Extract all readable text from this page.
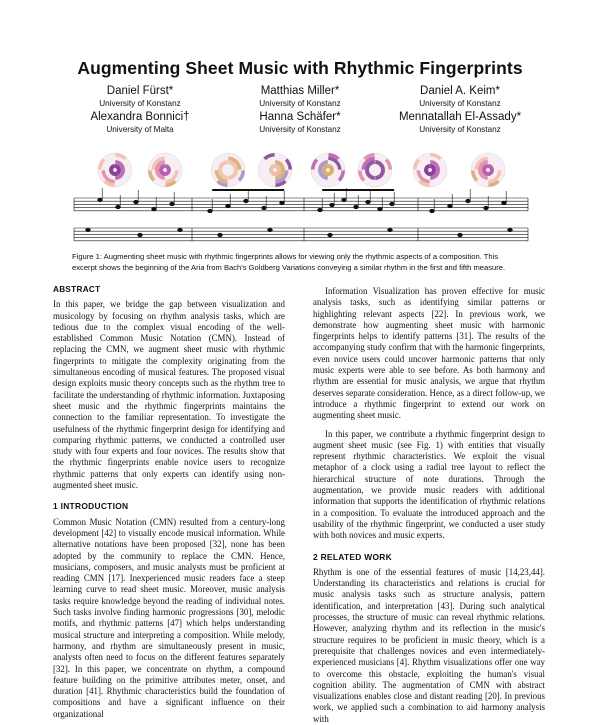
Augmenting Sheet Music with Rhythmic Fingerprints
Daniel Fürst*
University of Konstanz
Matthias Miller*
University of Konstanz
Daniel A. Keim*
University of Konstanz
Alexandra Bonnici†
University of Malta
Hanna Schäfer*
University of Konstanz
Mennatallah El-Assady*
University of Konstanz
Figure 1: Augmenting sheet music with rhythmic fingerprints allows for viewing only the rhythmic aspects of a composition. This
excerpt shows the beginning of the Aria from Bach's Goldberg Variations conveying a similar rhythm in the first and fifth measure.
ABSTRACT

In this paper, we bridge the gap between visualization and musicology by focusing on rhythm analysis tasks, which are tedious due to the complex visual encoding of the well-established Common Music Notation (CMN). Instead of replacing the CMN, we augment sheet music with rhythmic fingerprints to mitigate the complexity originating from the simultaneous encoding of musical features. The proposed visual design exploits music theory concepts such as the rhythm tree to facilitate the understanding of rhythmic information. Juxtaposing sheet music and the rhythmic fingerprints maintains the connection to the familiar representation. To investigate the usefulness of the rhythmic fingerprint design for identifying and comparing rhythmic patterns, we conducted a controlled user study with four experts and four novices. The results show that the rhythmic fingerprints enable novice users to recognize rhythmic patterns that only experts can identify using non-augmented sheet music.

1 INTRODUCTION

Common Music Notation (CMN) resulted from a century-long development [42] to visually encode musical information. While alternative notations have been proposed [32], none has been adopted by the community to replace the CMN. Hence, musicians, composers, and music analysts must be proficient at reading CMN [17]. Inexperienced music readers face a steep learning curve to read sheet music. Moreover, music analysis tasks require knowledge beyond the reading of individual notes. Such tasks involve finding harmonic progressions [30], melodic motifs, and rhythmic patterns [47] which helps understanding musical structure and interpreting a composition. While melody, harmony, and rhythm are simultaneously present in music, analysts often need to focus on the different features separately [32]. In this paper, we concentrate on rhythm, a compound feature building on the primitive attributes meter, onset, and duration [41]. Rhythmic characteristics build the foundation of compositions and have a significant influence on their organizational

Information Visualization has proven effective for music analysis tasks, such as identifying similar patterns or highlighting relevant aspects [22]. In previous work, we demonstrate how augmenting sheet music with harmonic fingerprints helps to identify patterns [31]. The results of the accompanying study confirm that with the harmonic fingerprints, even novice users could uncover harmonic patterns that only music experts were able to see before. As both harmony and rhythm are essential for music analysis, we argue that rhythm deserves separate consideration. Hence, as a direct follow-up, we introduce a rhythmic fingerprint to extend our work on augmenting sheet music.

In this paper, we contribute a rhythmic fingerprint design to augment sheet music (see Fig. 1) with entities that visually represent rhythmic characteristics. We exploit the visual metaphor of a clock using a radial tree layout to reflect the hierarchical structure of note durations. Through the augmentation, we provide music readers with additional information that supports the identification of rhythmic relations in a composition. To evaluate the introduced approach and the usability of the rhythmic fingerprint, we conducted a user study with both novices and music experts.

2 RELATED WORK

Rhythm is one of the essential features of music [14,23,44]. Understanding its characteristics and relations is crucial for music analysis tasks such as structure analysis, pattern identification, and interpretation [43]. During such analytical processes, the structure of music can reveal rhythmic relations. However, analyzing rhythm and its reflection in the music's structure requires to be proficient in music theory, which is a prerequisite that challenges novices and even intermediately-experienced musicians [4]. Rhythm visualizations offer one way to overcome this obstacle, exploiting the human's visual cognition ability. The augmentation of CMN with abstract visualizations enables close and distant reading [20]. In previous work, we applied such a combination to aid harmony analysis with
